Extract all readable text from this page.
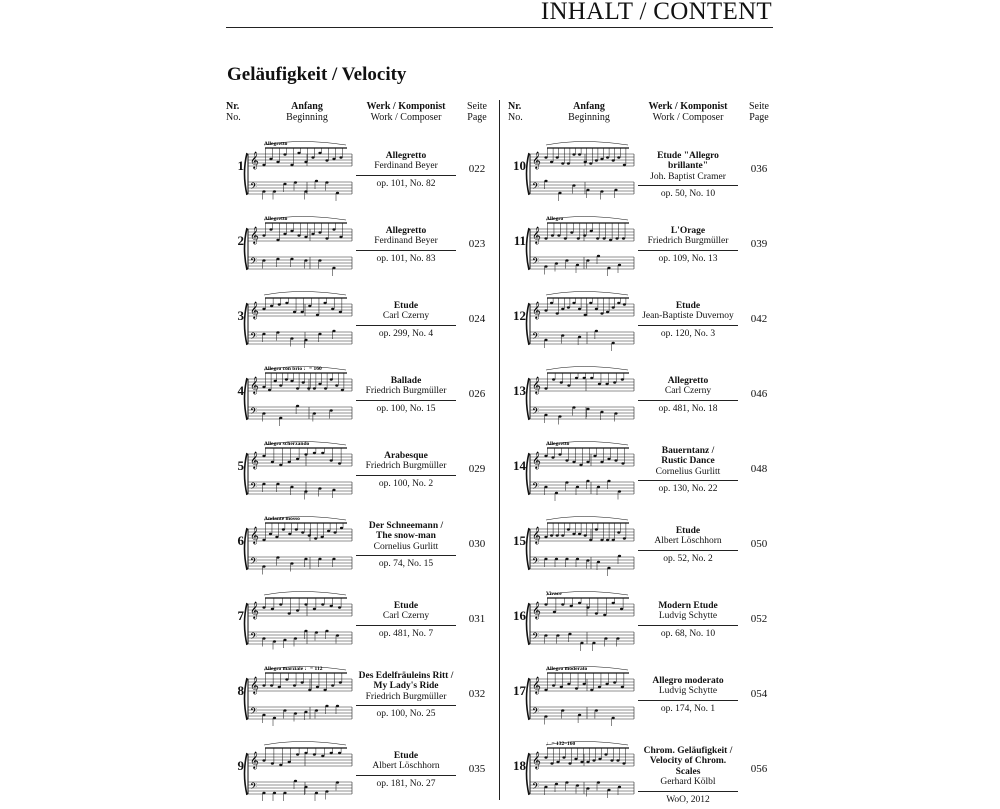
INHALT / CONTENT
Geläufigkeit / Velocity
Nr.
No.
Anfang
Beginning
Werk / Komponist
Work / Composer
Seite
Page
1 𝄞
𝄢
Allegretto
Allegretto
Ferdinand Beyer
op. 101, No. 82
022
2 𝄞
𝄢
Allegretto
Allegretto
Ferdinand Beyer
op. 101, No. 83
023
3 𝄞
𝄢
Etude
Carl Czerny
op. 299, No. 4
024
4 𝄞
𝄢
Allegro con brio ♩= 160
Ballade
Friedrich Burgmüller
op. 100, No. 15
026
5 𝄞
𝄢
Allegro scherzando
Arabesque
Friedrich Burgmüller
op. 100, No. 2
029
6 𝄞
𝄢
Andante mosso
Der Schneemann /
The snow-man
Cornelius Gurlitt
op. 74, No. 15
030
7 𝄞
𝄢
Etude
Carl Czerny
op. 481, No. 7
031
8 𝄞
𝄢
Allegro marziale ♩= 112
Des Edelfräuleins Ritt /
My Lady's Ride
Friedrich Burgmüller
op. 100, No. 25
032
9 𝄞
𝄢
Etude
Albert Löschhorn
op. 181, No. 27
035
Nr.
No.
Anfang
Beginning
Werk / Komponist
Work / Composer
Seite
Page
10 𝄞
𝄢
Etude "Allegro brillante"
Joh. Baptist Cramer
op. 50, No. 10
036
11 𝄞
𝄢
Allegro
L'Orage
Friedrich Burgmüller
op. 109, No. 13
039
12 𝄞
𝄢
Etude
Jean-Baptiste Duvernoy
op. 120, No. 3
042
13 𝄞
𝄢
Allegretto
Carl Czerny
op. 481, No. 18
046
14 𝄞
𝄢
Allegretto
Bauerntanz /
Rustic Dance
Cornelius Gurlitt
op. 130, No. 22
048
15 𝄞
𝄢
Etude
Albert Löschhorn
op. 52, No. 2
050
16 𝄞
𝄢
Vivace
Modern Etude
Ludvig Schytte
op. 68, No. 10
052
17 𝄞
𝄢
Allegro moderato
Allegro moderato
Ludvig Schytte
op. 174, No. 1
054
18 𝄞
𝄢
♩= 132–160
Chrom. Geläufigkeit /
Velocity of Chrom. Scales
Gerhard Kölbl
WoO, 2012
056
